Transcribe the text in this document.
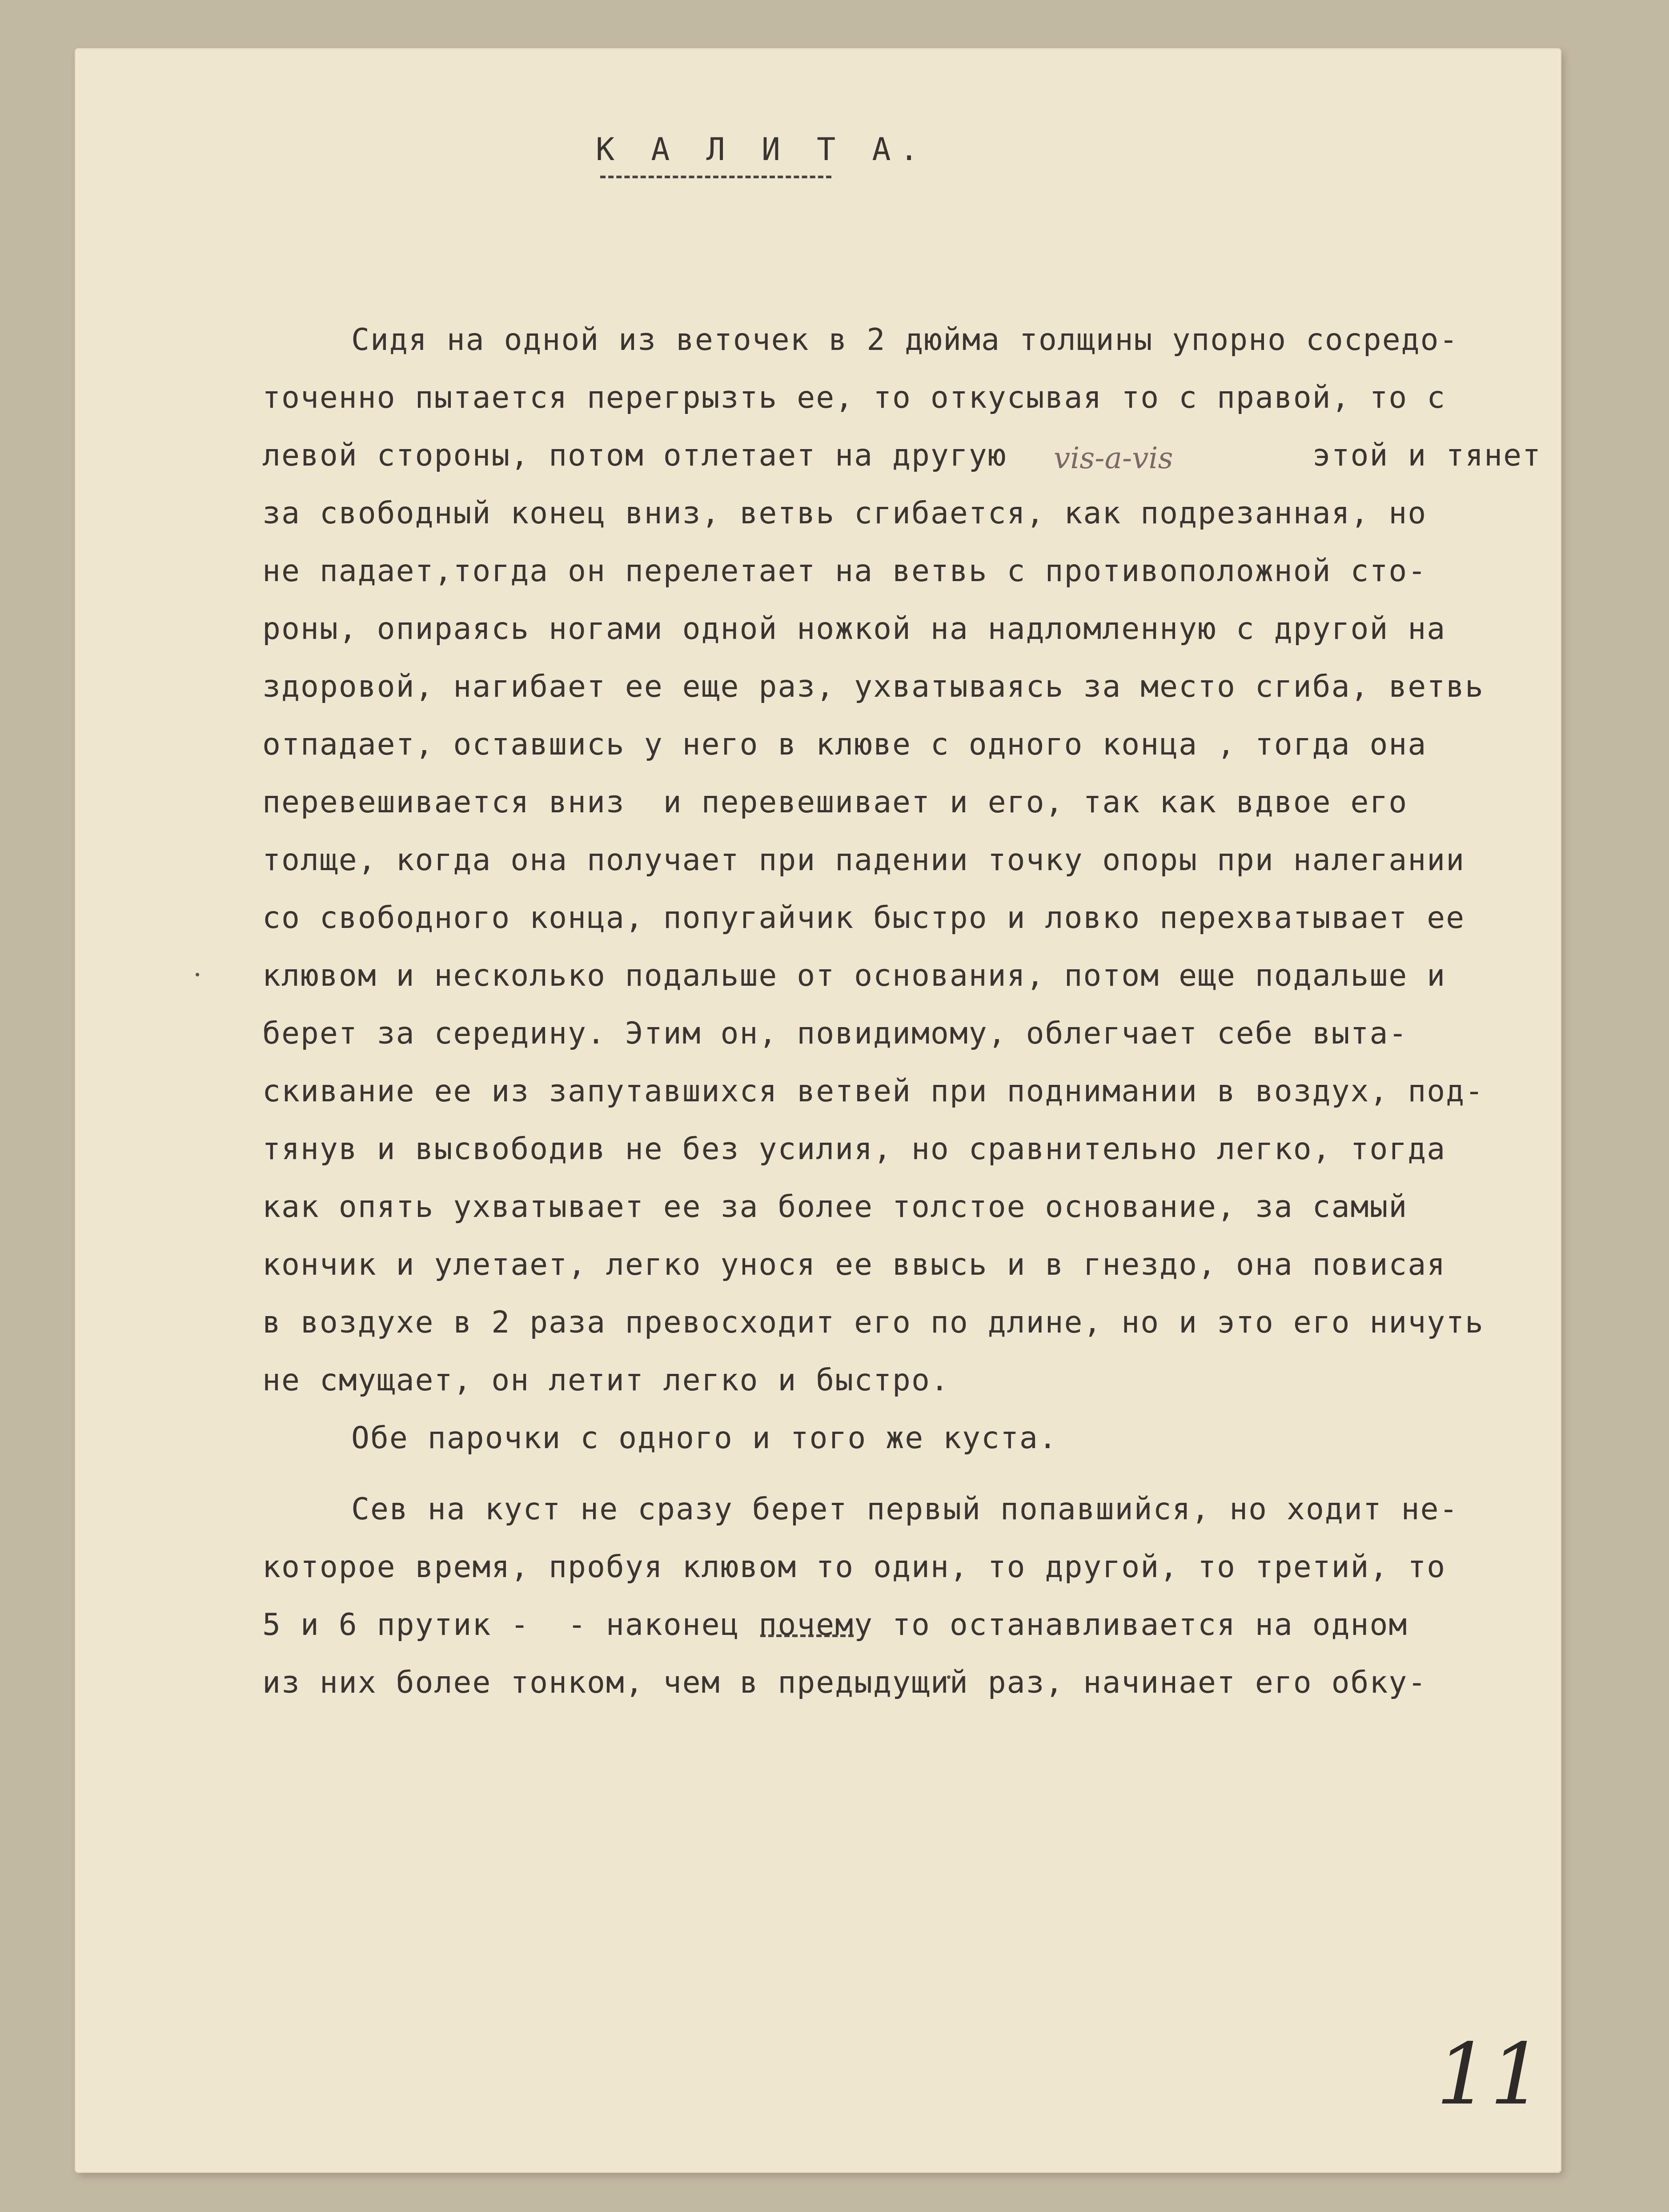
К А Л И Т А.

Сидя на одной из веточек в 2 дюйма толщины упорно сосредо-

точенно пытается перегрызть ее, то откусывая то с правой, то с

левой стороны, потом отлетает на другую	этой и тянет

за свободный конец вниз, ветвь сгибается, как подрезанная, но

не падает,тогда он перелетает на ветвь с противоположной сто-

роны, опираясь ногами одной ножкой на надломленную с другой на

здоровой, нагибает ее еще раз, ухватываясь за место сгиба, ветвь

отпадает, оставшись у него в клюве с одного конца , тогда она

перевешивается вниз  и перевешивает и его, так как вдвое его

толще, когда она получает при падении точку опоры при налегании

со свободного конца, попугайчик быстро и ловко перехватывает ее

клювом и несколько подальше от основания, потом еще подальше и

берет за середину. Этим он, повидимому, облегчает себе выта-

скивание ее из запутавшихся ветвей при поднимании в воздух, под-

тянув и высвободив не без усилия, но сравнительно легко, тогда

как опять ухватывает ее за более толстое основание, за самый

кончик и улетает, легко унося ее ввысь и в гнездо, она повисая

в воздухе в 2 раза превосходит его по длине, но и это его ничуть

не смущает, он летит легко и быстро.

Обе парочки с одного и того же куста.

vis-a-vis

Сев на куст не сразу берет первый попавшийся, но ходит не-

которое время, пробуя клювом то один, то другой, то третий, то

5 и 6 прутик -  - наконец почему то останавливается на одном

из них более тонком, чем в предыдущий раз, начинает его обку-

11
